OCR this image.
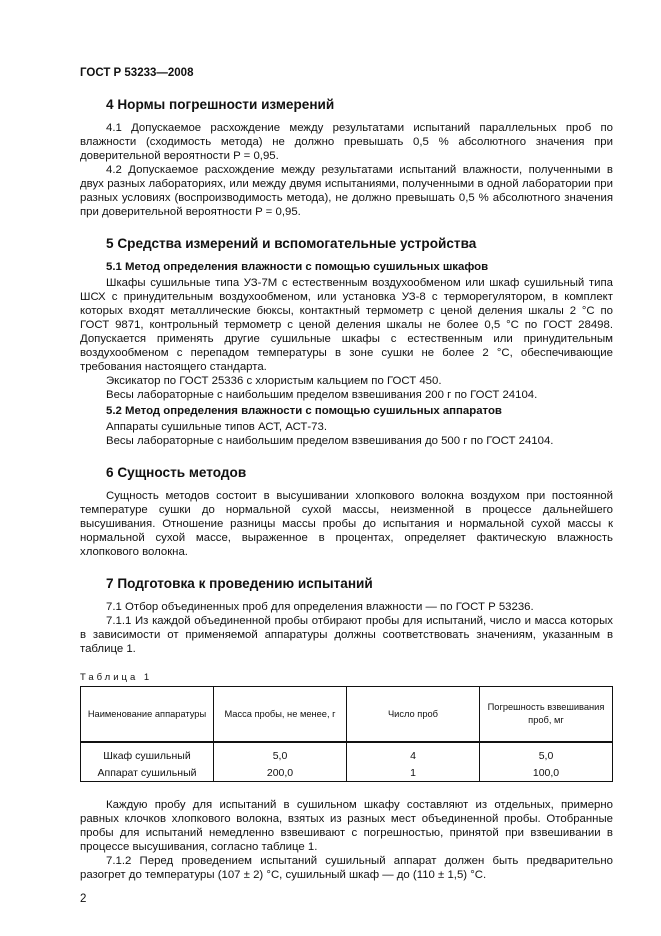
ГОСТ Р 53233—2008
4 Нормы погрешности измерений

4.1 Допускаемое расхождение между результатами испытаний параллельных проб по влажности (сходимость метода) не должно превышать 0,5 % абсолютного значения при доверительной вероятности P = 0,95.

4.2 Допускаемое расхождение между результатами испытаний влажности, полученными в двух разных лабораториях, или между двумя испытаниями, полученными в одной лаборатории при разных условиях (воспроизводимость метода), не должно превышать 0,5 % абсолютного значения при доверительной вероятности P = 0,95.

5 Средства измерений и вспомогательные устройства
5.1 Метод определения влажности с помощью сушильных шкафов

Шкафы сушильные типа УЗ-7М с естественным воздухообменом или шкаф сушильный типа ШСХ с принудительным воздухообменом, или установка УЗ-8 с терморегулятором, в комплект которых входят металлические бюксы, контактный термометр с ценой деления шкалы 2 °С по ГОСТ 9871, контрольный термометр с ценой деления шкалы не более 0,5 °С по ГОСТ 28498. Допускается применять другие сушильные шкафы с естественным или принудительным воздухообменом с перепадом температуры в зоне сушки не более 2 °С, обеспечивающие требования настоящего стандарта.

Эксикатор по ГОСТ 25336 с хлористым кальцием по ГОСТ 450.

Весы лабораторные с наибольшим пределом взвешивания 200 г по ГОСТ 24104.

5.2 Метод определения влажности с помощью сушильных аппаратов

Аппараты сушильные типов АСТ, АСТ-73.

Весы лабораторные с наибольшим пределом взвешивания до 500 г по ГОСТ 24104.

6 Сущность методов

Сущность методов состоит в высушивании хлопкового волокна воздухом при постоянной температуре сушки до нормальной сухой массы, неизменной в процессе дальнейшего высушивания. Отношение разницы массы пробы до испытания и нормальной сухой массы к нормальной сухой массе, выраженное в процентах, определяет фактическую влажность хлопкового волокна.

7 Подготовка к проведению испытаний

7.1 Отбор объединенных проб для определения влажности — по ГОСТ Р 53236.

7.1.1 Из каждой объединенной пробы отбирают пробы для испытаний, число и масса которых в зависимости от применяемой аппаратуры должны соответствовать значениям, указанным в таблице 1.

Таблица 1
Наименование аппаратуры	Масса пробы, не менее, г	Число проб	Погрешность взвешивания проб, мг
Шкаф сушильный	5,0	4	5,0
Аппарат сушильный	200,0	1	100,0

Каждую пробу для испытаний в сушильном шкафу составляют из отдельных, примерно равных клочков хлопкового волокна, взятых из разных мест объединенной пробы. Отобранные пробы для испытаний немедленно взвешивают с погрешностью, принятой при взвешивании в процессе высушивания, согласно таблице 1.

7.1.2 Перед проведением испытаний сушильный аппарат должен быть предварительно разогрет до температуры (107 ± 2) °С, сушильный шкаф — до (110 ± 1,5) °С.

2
